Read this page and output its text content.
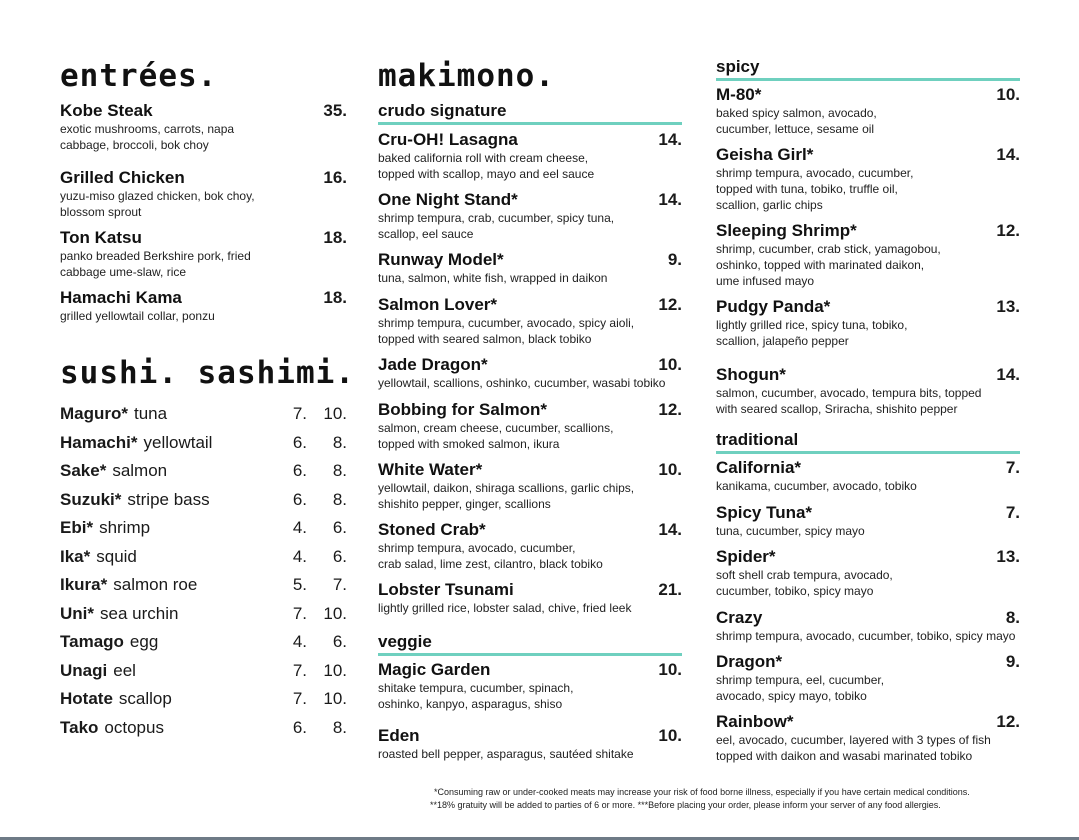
entrées.
Kobe Steak	35.
exotic mushrooms, carrots, napa
cabbage, broccoli, bok choy
Grilled Chicken	16.
yuzu-miso glazed chicken, bok choy,
blossom sprout
Ton Katsu	18.
panko breaded Berkshire pork, fried
cabbage ume-slaw, rice
Hamachi Kama	18.
grilled yellowtail collar, ponzu
sushi. sashimi.
Maguro* tuna	7. 10.
Hamachi* yellowtail	6.	8.
Sake* salmon	6.	8.
Suzuki* stripe bass	6.	8.
Ebi* shrimp	4.	6.
Ika* squid	4.	6.
Ikura* salmon roe	5.	7.
Uni* sea urchin	7. 10.
Tamago egg	4.	6.
Unagi eel	7. 10.
Hotate scallop	7. 10.
Tako octopus	6.	8.
makimono.
crudo signature
Cru-OH! Lasagna	14.
baked california roll with cream cheese,
topped with scallop, mayo and eel sauce
One Night Stand*	14.
shrimp tempura, crab, cucumber, spicy tuna,
scallop, eel sauce
Runway Model*	9.
tuna, salmon, white fish, wrapped in daikon
Salmon Lover*	12.
shrimp tempura, cucumber, avocado, spicy aioli,
topped with seared salmon, black tobiko
Jade Dragon*	10.
yellowtail, scallions, oshinko, cucumber, wasabi tobiko
Bobbing for Salmon*	12.
salmon, cream cheese, cucumber, scallions,
topped with smoked salmon, ikura
White Water*	10.
yellowtail, daikon, shiraga scallions, garlic chips,
shishito pepper, ginger, scallions
Stoned Crab*	14.
shrimp tempura, avocado, cucumber,
crab salad, lime zest, cilantro, black tobiko
Lobster Tsunami	21.
lightly grilled rice, lobster salad, chive, fried leek
veggie
Magic Garden	10.
shitake tempura, cucumber, spinach,
oshinko, kanpyo, asparagus, shiso
Eden	10.
roasted bell pepper, asparagus, sautéed shitake
spicy
M-80*	10.
baked spicy salmon, avocado,
cucumber, lettuce, sesame oil
Geisha Girl*	14.
shrimp tempura, avocado, cucumber,
topped with tuna, tobiko, truffle oil,
scallion, garlic chips
Sleeping Shrimp*	12.
shrimp, cucumber, crab stick, yamagobou,
oshinko, topped with marinated daikon,
ume infused mayo
Pudgy Panda*	13.
lightly grilled rice, spicy tuna, tobiko,
scallion, jalapeño pepper
Shogun*	14.
salmon, cucumber, avocado, tempura bits, topped
with seared scallop, Sriracha, shishito pepper
traditional
California*	7.
kanikama, cucumber, avocado, tobiko
Spicy Tuna*	7.
tuna, cucumber, spicy mayo
Spider*	13.
soft shell crab tempura, avocado,
cucumber, tobiko, spicy mayo
Crazy	8.
shrimp tempura, avocado, cucumber, tobiko, spicy mayo
Dragon*	9.
shrimp tempura, eel, cucumber,
avocado, spicy mayo, tobiko
Rainbow*	12.
eel, avocado, cucumber, layered with 3 types of fish
topped with daikon and wasabi marinated tobiko
*Consuming raw or under-cooked meats may increase your risk of food borne illness, especially if you have certain medical conditions.
**18% gratuity will be added to parties of 6 or more. ***Before placing your order, please inform your server of any food allergies.
